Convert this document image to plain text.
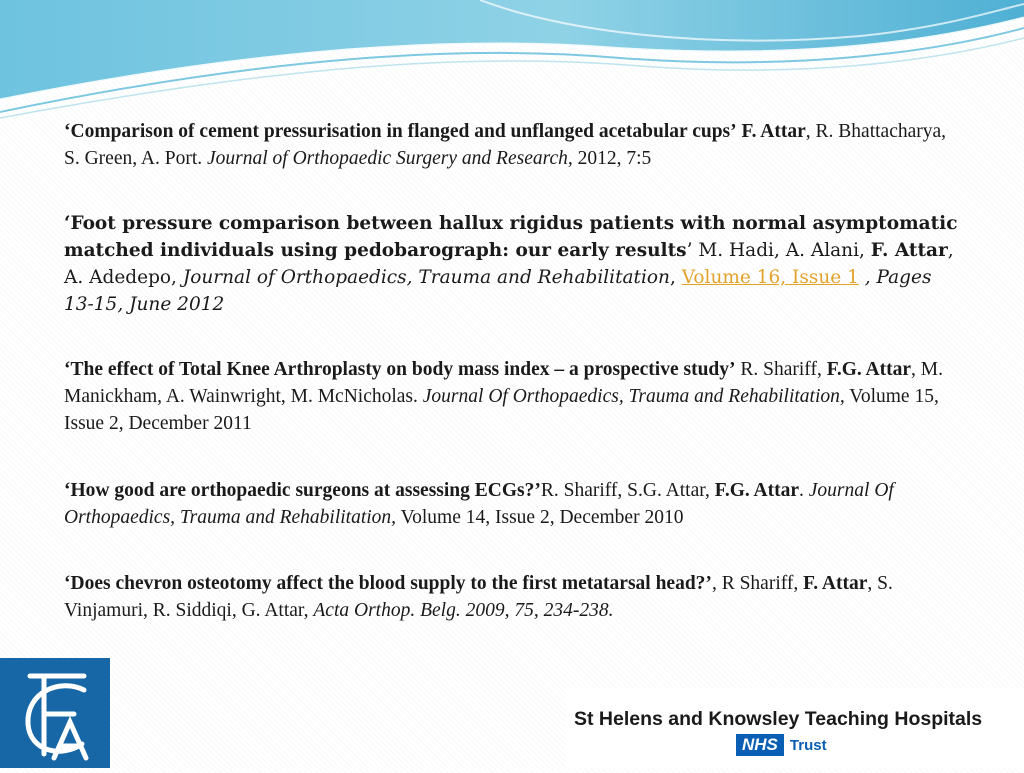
‘Comparison of cement pressurisation in flanged and unflanged acetabular cups’ F. Attar, R. Bhattacharya, S. Green, A. Port. Journal of Orthopaedic Surgery and Research, 2012, 7:5
‘Foot pressure comparison between hallux rigidus patients with normal asymptomatic matched individuals using pedobarograph: our early results’ M. Hadi, A. Alani, F. Attar, A. Adedepo, Journal of Orthopaedics, Trauma and Rehabilitation, Volume 16, Issue 1 , Pages 13-15, June 2012
‘The effect of Total Knee Arthroplasty on body mass index – a prospective study’ R. Shariff, F.G. Attar, M. Manickham, A. Wainwright, M. McNicholas. Journal Of Orthopaedics, Trauma and Rehabilitation, Volume 15, Issue 2, December 2011
‘How good are orthopaedic surgeons at assessing ECGs?’R. Shariff, S.G. Attar, F.G. Attar. Journal Of Orthopaedics, Trauma and Rehabilitation, Volume 14, Issue 2, December 2010
‘Does chevron osteotomy affect the blood supply to the first metatarsal head?’, R Shariff, F. Attar, S. Vinjamuri, R. Siddiqi, G. Attar, Acta Orthop. Belg. 2009, 75, 234-238.
St Helens and Knowsley Teaching Hospitals
NHS Trust
